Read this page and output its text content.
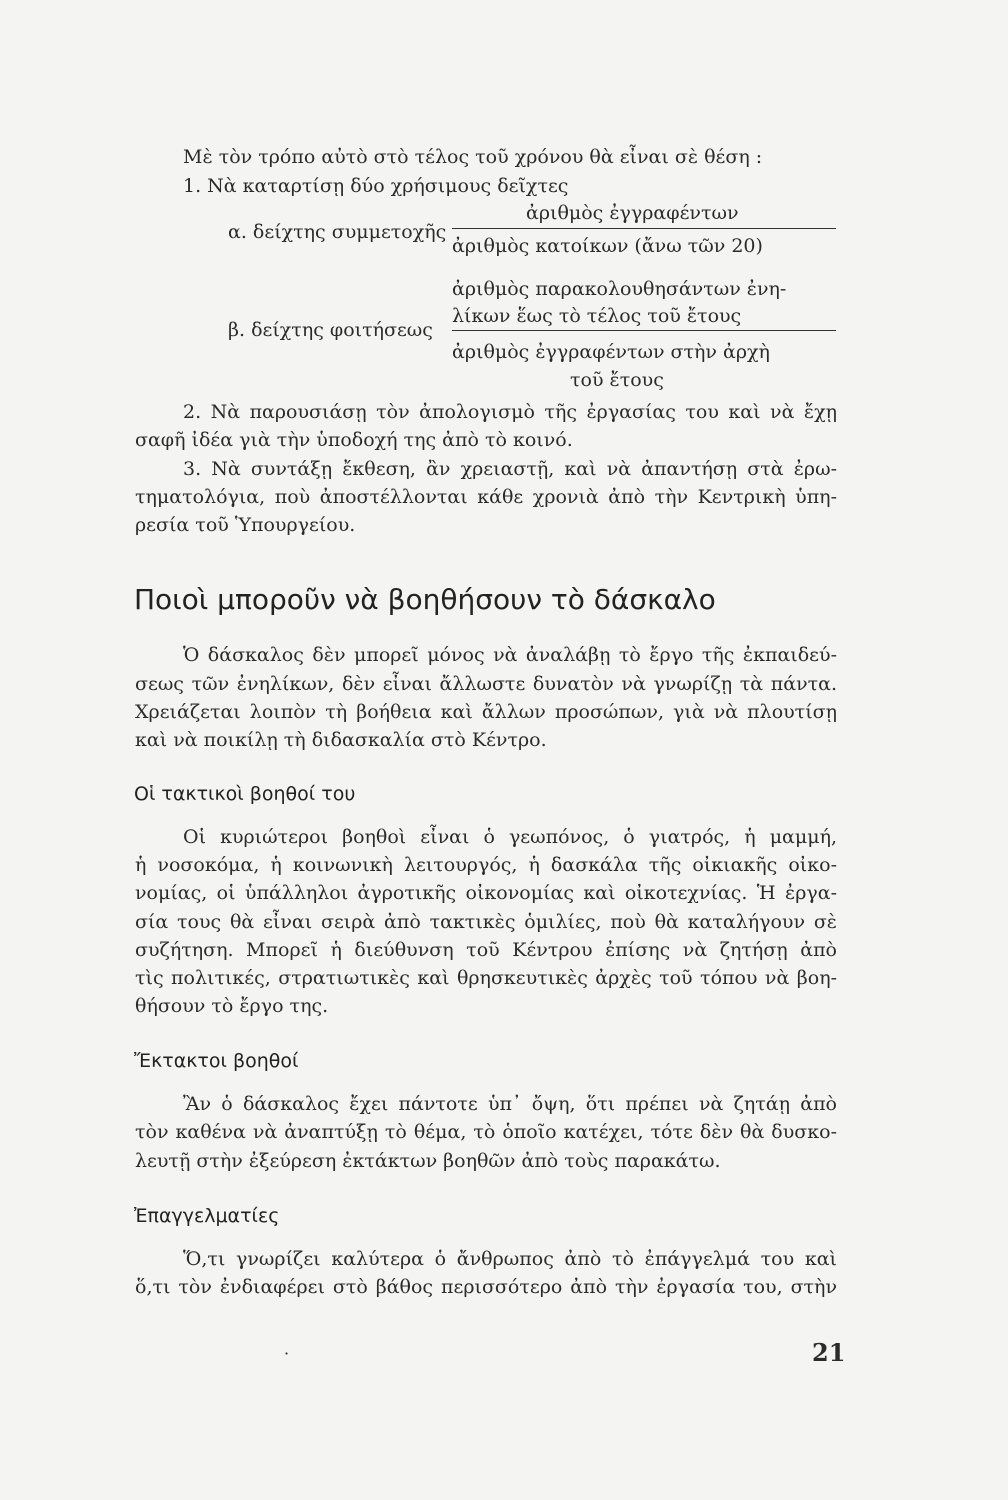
Μὲ τὸν τρόπο αὐτὸ στὸ τέλος τοῦ χρόνου θὰ εἶναι σὲ θέση :
1. Νὰ καταρτίσῃ δύο χρήσιμους δεῖχτες
ἀριθμὸς ἐγγραφέντων
α. δείχτης συμμετοχῆς
ἀριθμὸς κατοίκων (ἄνω τῶν 20)
ἀριθμὸς παρακολουθησάντων ἐνη-
λίκων ἕως τὸ τέλος τοῦ ἔτους
β. δείχτης φοιτήσεως
ἀριθμὸς ἐγγραφέντων στὴν ἀρχὴ
τοῦ ἔτους
2. Νὰ παρουσιάσῃ τὸν ἀπολογισμὸ τῆς ἐργασίας του καὶ νὰ ἔχῃ
σαφῆ ἰδέα γιὰ τὴν ὑποδοχή της ἀπὸ τὸ κοινό.
3. Νὰ συντάξῃ ἔκθεση, ἂν χρειαστῇ, καὶ νὰ ἀπαντήσῃ στὰ ἐρω-
τηματολόγια, ποὺ ἀποστέλλονται κάθε χρονιὰ ἀπὸ τὴν Κεντρικὴ ὑπη-
ρεσία τοῦ Ὑπουργείου.
Ποιοὶ μποροῦν νὰ βοηθήσουν τὸ δάσκαλο
Ὁ δάσκαλος δὲν μπορεῖ μόνος νὰ ἀναλάβῃ τὸ ἔργο τῆς ἐκπαιδεύ-
σεως τῶν ἐνηλίκων, δὲν εἶναι ἄλλωστε δυνατὸν νὰ γνωρίζῃ τὰ πάντα.
Χρειάζεται λοιπὸν τὴ βοήθεια καὶ ἄλλων προσώπων, γιὰ νὰ πλουτίσῃ
καὶ νὰ ποικίλῃ τὴ διδασκαλία στὸ Κέντρο.
Οἱ τακτικοὶ βοηθοί του
Οἱ κυριώτεροι βοηθοὶ εἶναι ὁ γεωπόνος, ὁ γιατρός, ἡ μαμμή,
ἡ νοσοκόμα, ἡ κοινωνικὴ λειτουργός, ἡ δασκάλα τῆς οἰκιακῆς οἰκο-
νομίας, οἱ ὑπάλληλοι ἀγροτικῆς οἰκονομίας καὶ οἰκοτεχνίας. Ἡ ἐργα-
σία τους θὰ εἶναι σειρὰ ἀπὸ τακτικὲς ὁμιλίες, ποὺ θὰ καταλήγουν σὲ
συζήτηση. Μπορεῖ ἡ διεύθυνση τοῦ Κέντρου ἐπίσης νὰ ζητήσῃ ἀπὸ
τὶς πολιτικές, στρατιωτικὲς καὶ θρησκευτικὲς ἀρχὲς τοῦ τόπου νὰ βοη-
θήσουν τὸ ἔργο της.
Ἔκτακτοι βοηθοί
Ἂν ὁ δάσκαλος ἔχει πάντοτε ὑπ᾿ ὄψη, ὅτι πρέπει νὰ ζητάῃ ἀπὸ
τὸν καθένα νὰ ἀναπτύξῃ τὸ θέμα, τὸ ὁποῖο κατέχει, τότε δὲν θὰ δυσκο-
λευτῇ στὴν ἐξεύρεση ἐκτάκτων βοηθῶν ἀπὸ τοὺς παρακάτω.
Ἐπαγγελματίες
Ὅ,τι γνωρίζει καλύτερα ὁ ἄνθρωπος ἀπὸ τὸ ἐπάγγελμά του καὶ
ὅ,τι τὸν ἐνδιαφέρει στὸ βάθος περισσότερο ἀπὸ τὴν ἐργασία του, στὴν
·	21
